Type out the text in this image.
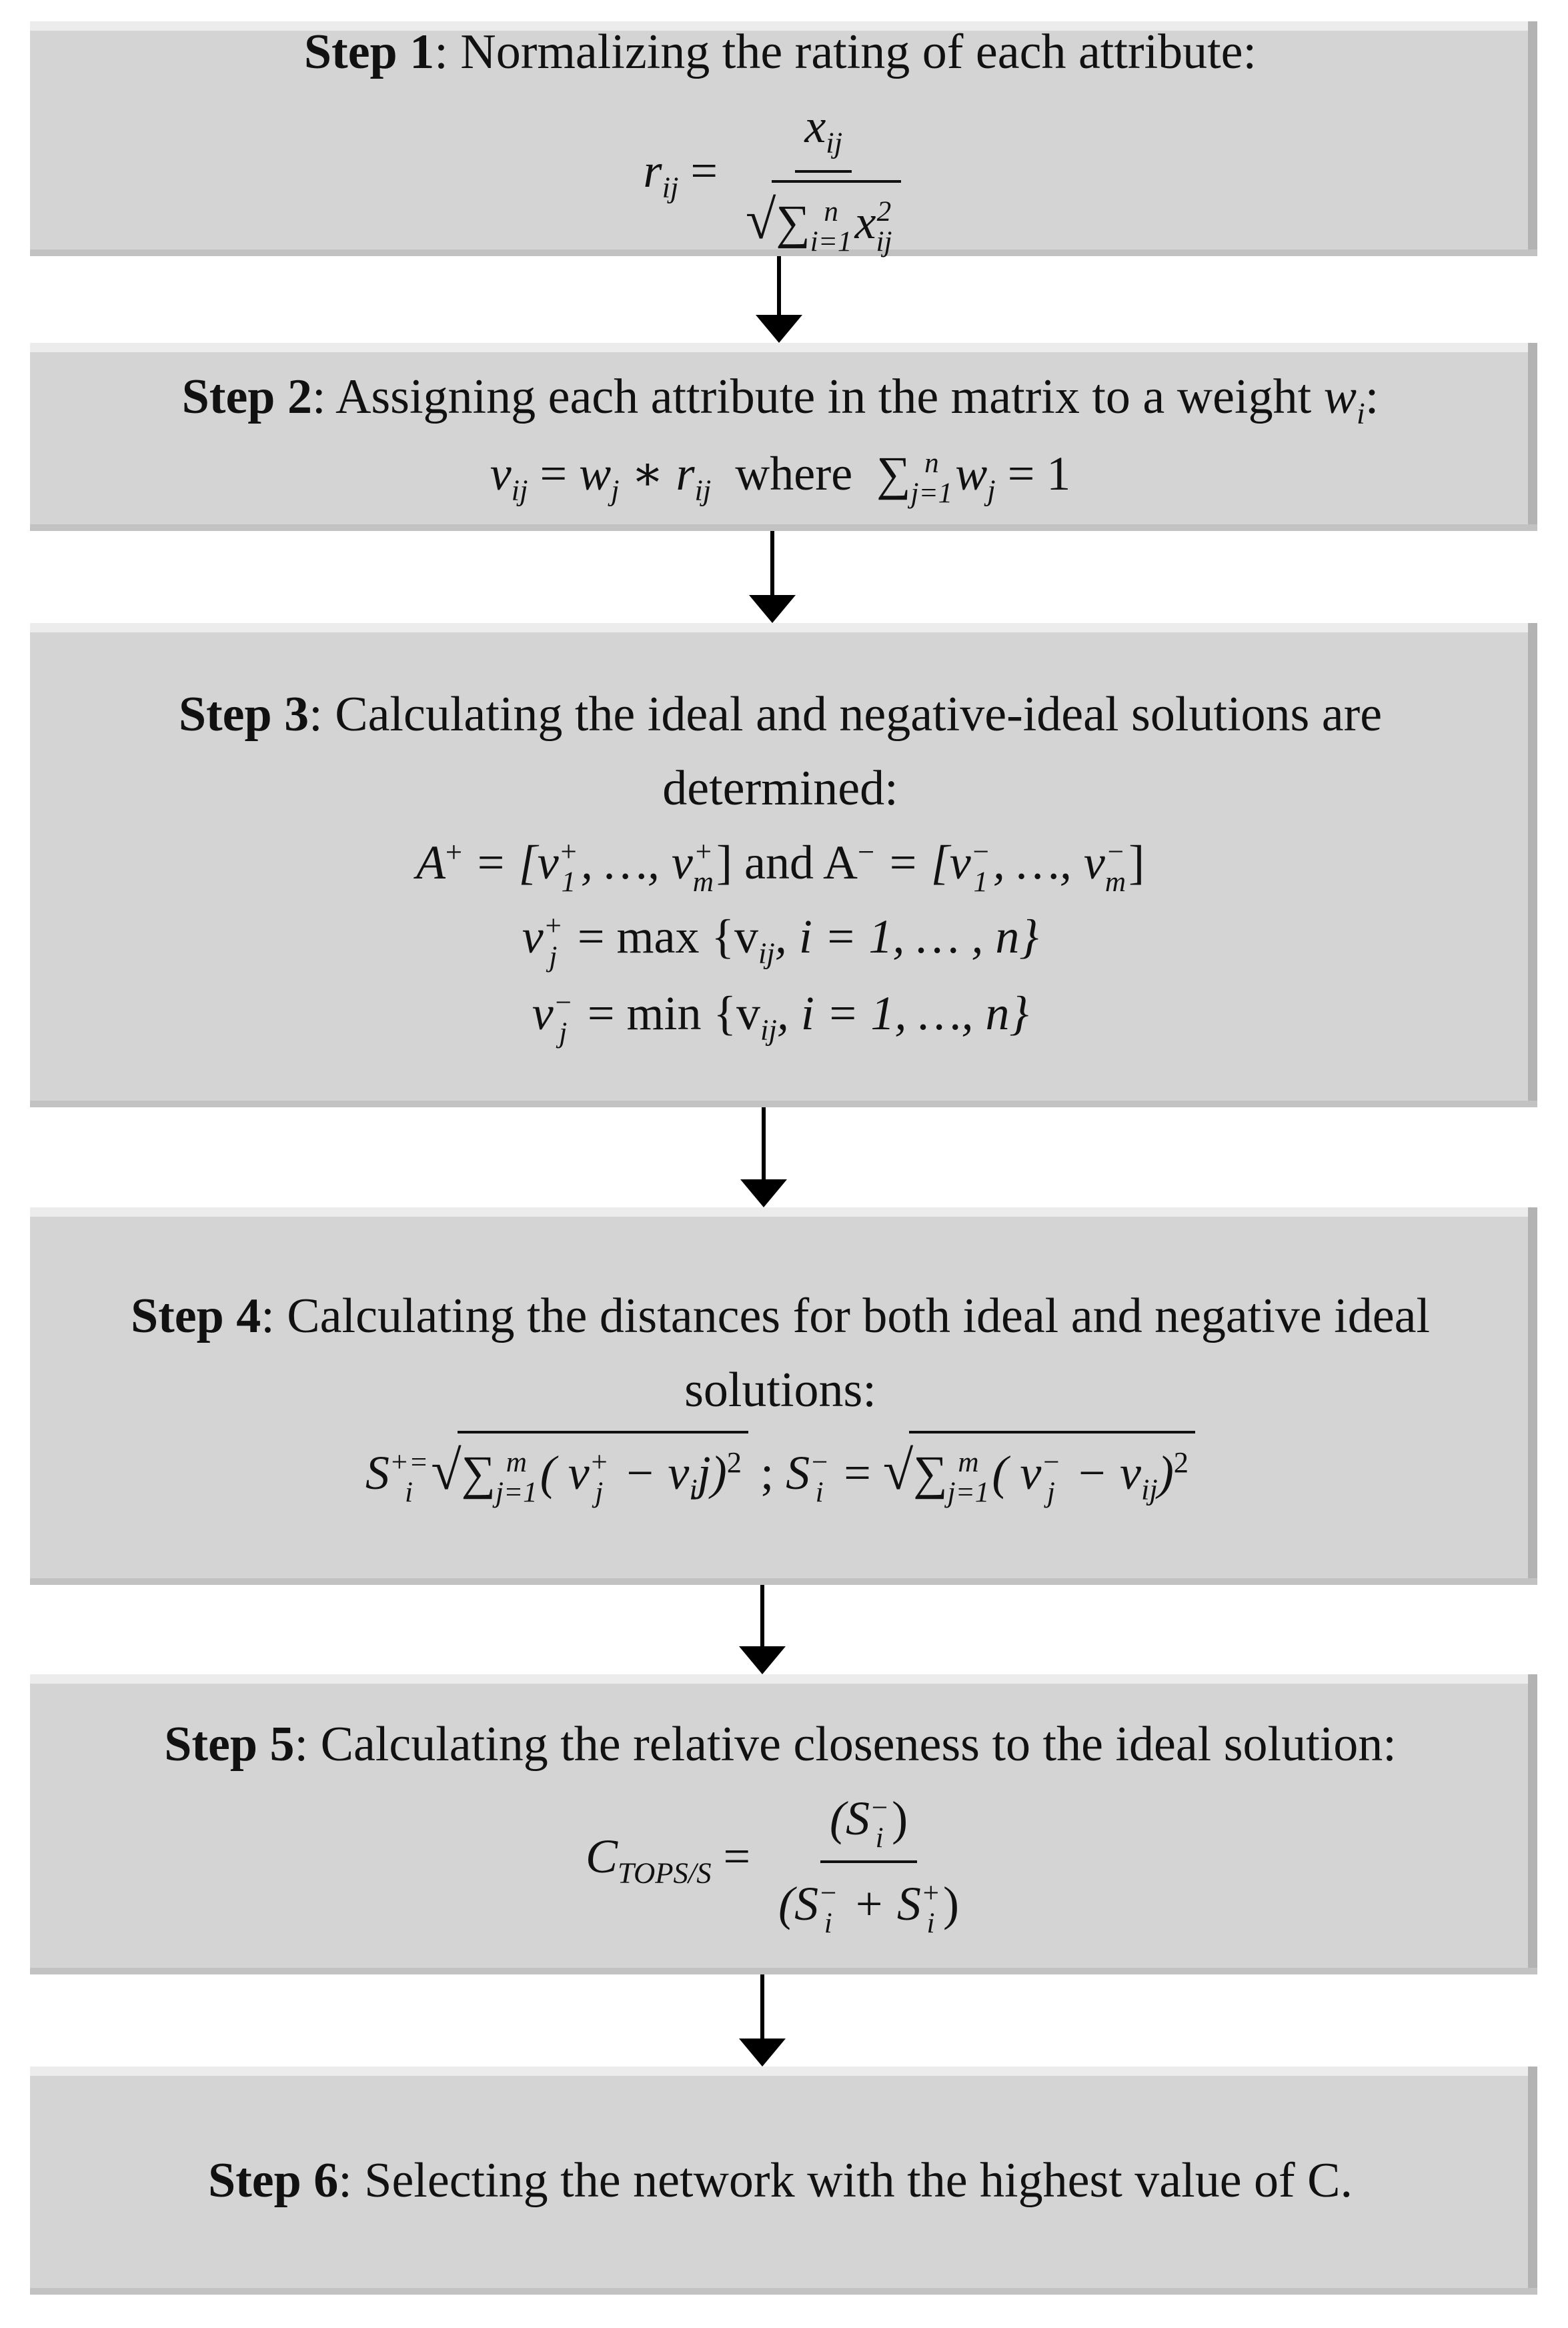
Step 1: Normalizing the rating of each attribute:
$r_{ij} = x_{ij}$
√∑ n
i=1 x 2
ij
Step 2: Assigning each attribute in the matrix to a weight $w_i$:
$v_{ij} = w_j$ ∗ $r_{ij}$ where  ∑ n
j=1 $w_j = 1$
Step 3: Calculating the ideal and negative-ideal solutions are
determined:
A+ = [v +
1 , …, v +
m ] and A− = [v −
1 , …, v −
m ]
v +
$j = \max \{v_{ij}$, i = 1, … , n}
v −
$j = \min \{v_{ij}$, i = 1, …, n}
Step 4: Calculating the distances for both ideal and negative ideal
solutions:
S +=
i √∑ m
j=1 ( v +
$j - v_ij)^2$ ; S −
i = √∑ m
j=1 ( v −
$j - v_{ij})^2$
Step 5: Calculating the relative closeness to the ideal solution:
$C_{TOPS/S} = (S$ −
i )
(S −
i + S +
i )
Step 6: Selecting the network with the highest value of C.
